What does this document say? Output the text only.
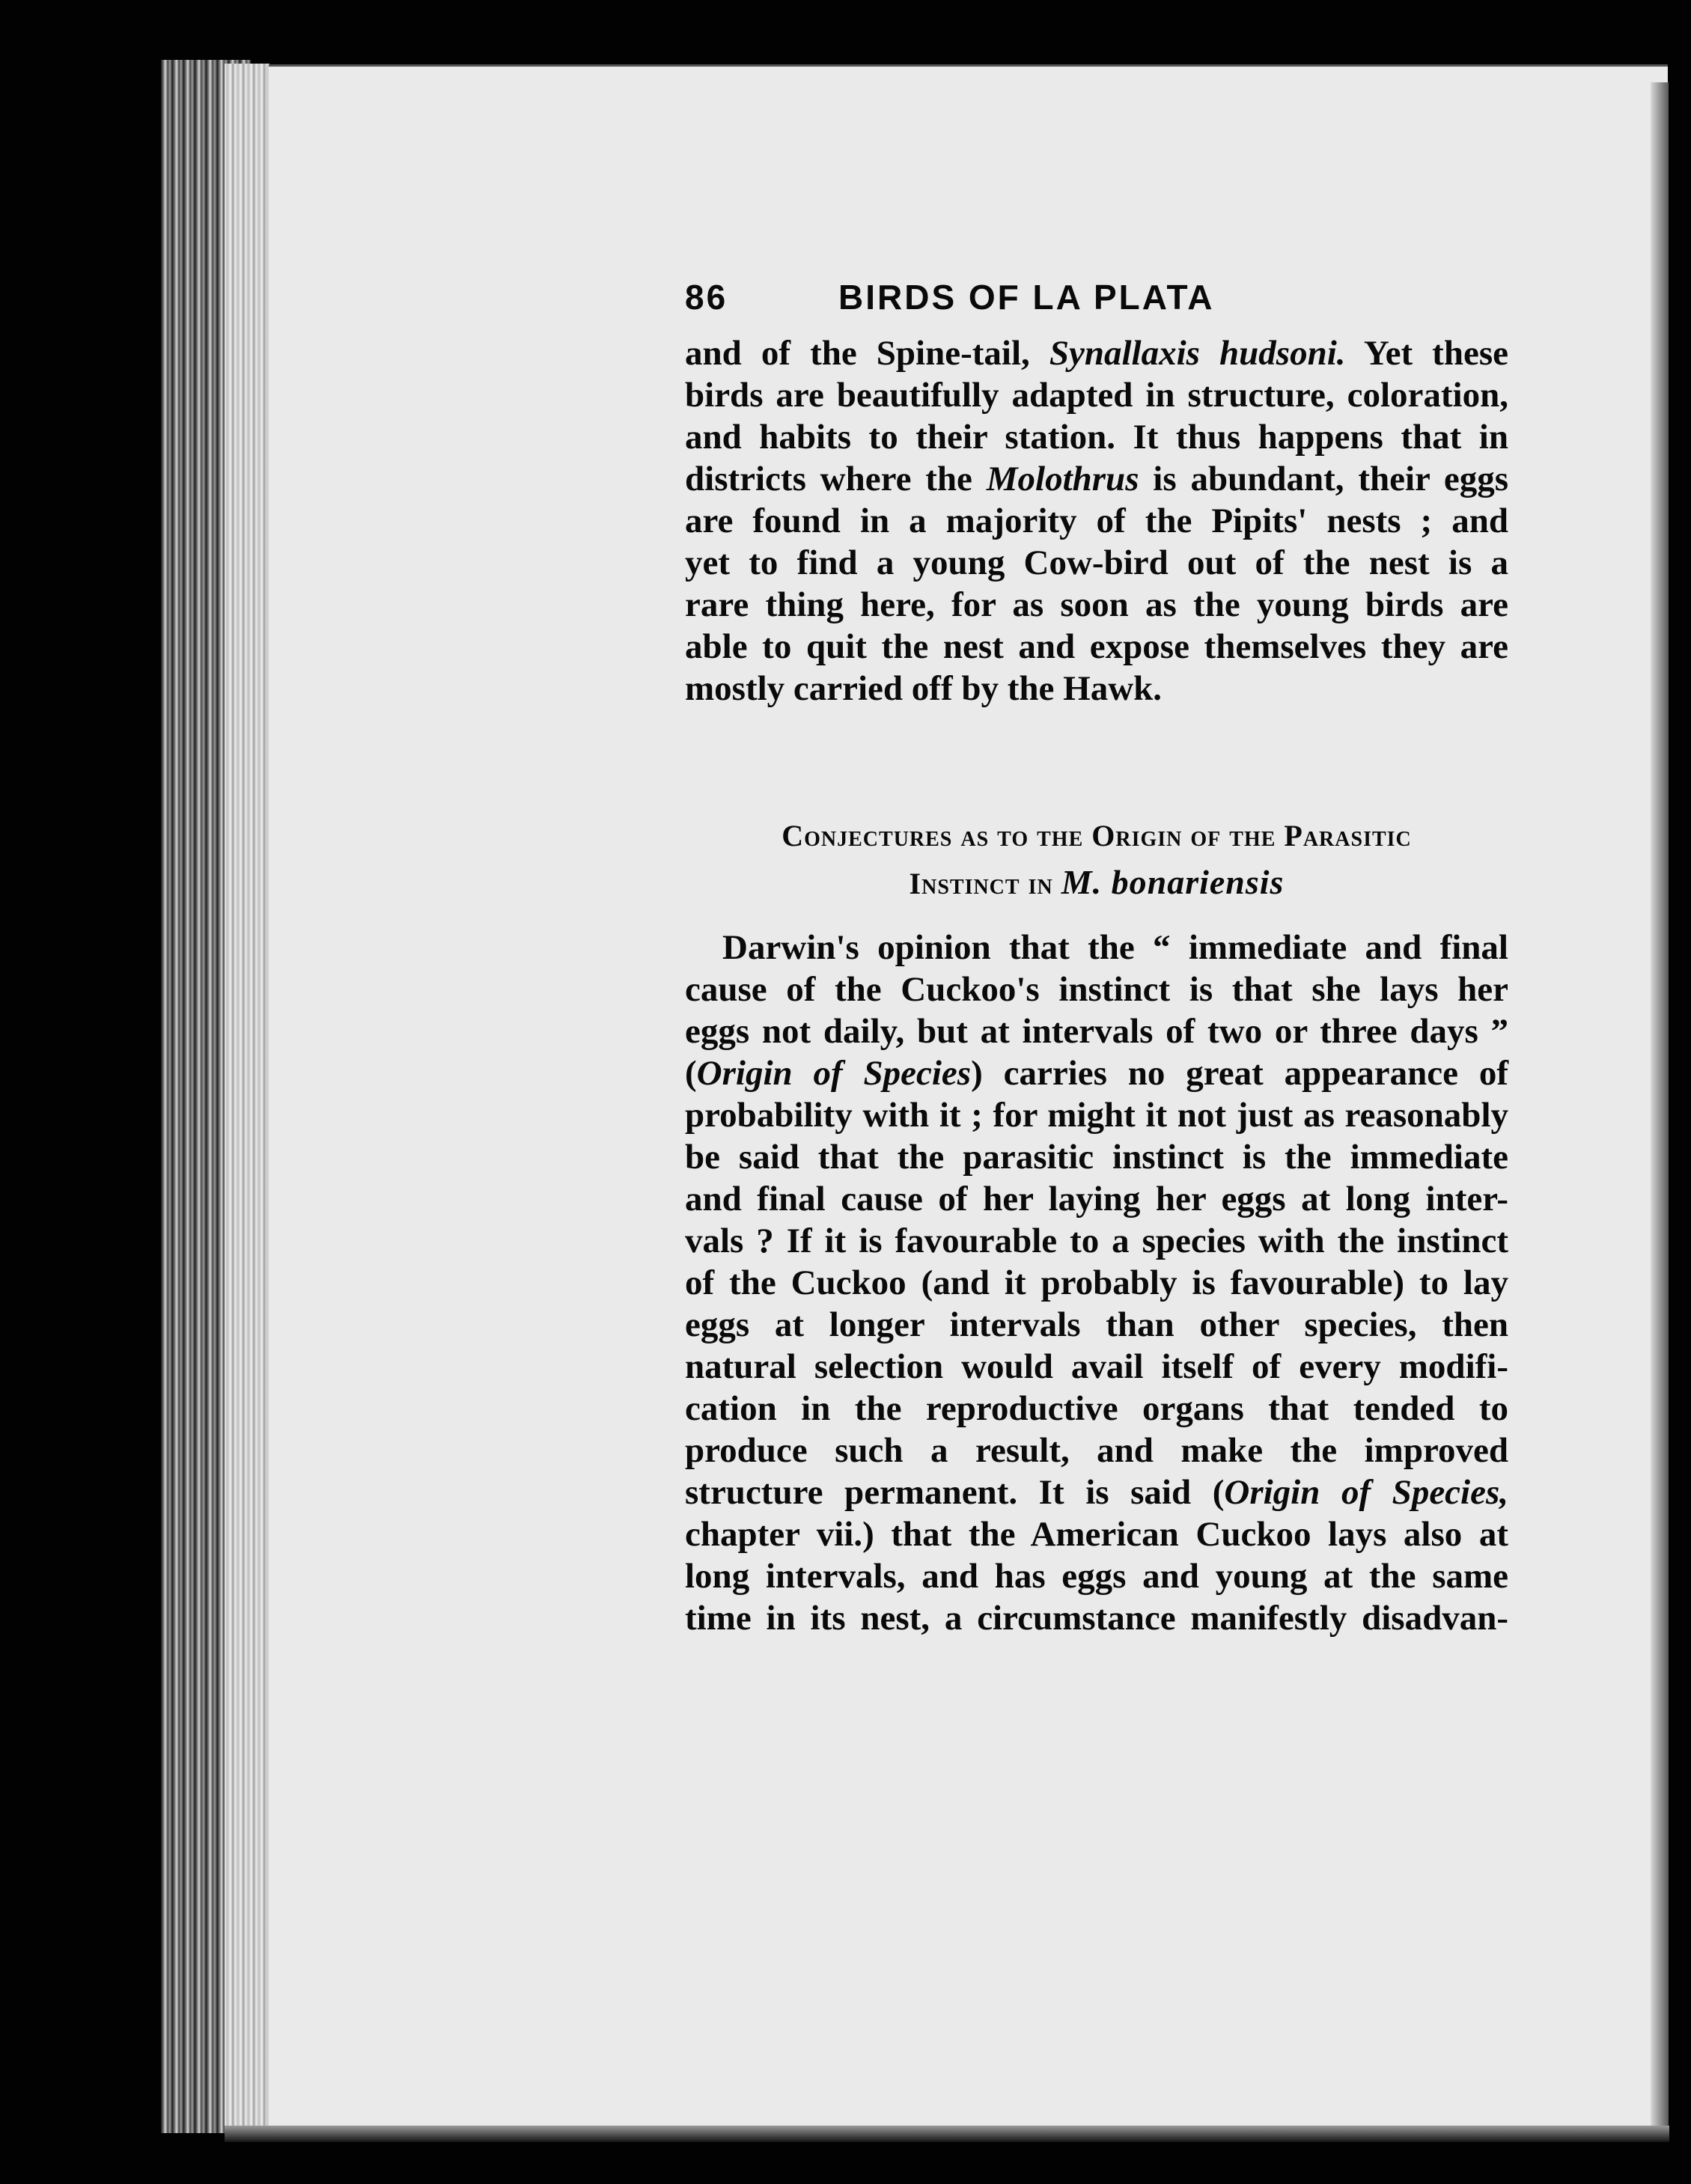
86	BIRDS OF LA PLATA

and of the Spine-tail, Synallaxis hudsoni. Yet these
birds are beautifully adapted in structure, coloration,
and habits to their station. It thus happens that in
districts where the Molothrus is abundant, their eggs
are found in a majority of the Pipits' nests ; and
yet to find a young Cow-bird out of the nest is a
rare thing here, for as soon as the young birds are
able to quit the nest and expose themselves they are
mostly carried off by the Hawk.

Conjectures as to the Origin of the Parasitic
Instinct in M. bonariensis

Darwin's opinion that the “ immediate and final
cause of the Cuckoo's instinct is that she lays her
eggs not daily, but at intervals of two or three days ”
(Origin of Species) carries no great appearance of
probability with it ; for might it not just as reasonably
be said that the parasitic instinct is the immediate
and final cause of her laying her eggs at long inter-
vals ? If it is favourable to a species with the instinct
of the Cuckoo (and it probably is favourable) to lay
eggs at longer intervals than other species, then
natural selection would avail itself of every modifi-
cation in the reproductive organs that tended to
produce such a result, and make the improved
structure permanent. It is said (Origin of Species,
chapter vii.) that the American Cuckoo lays also at
long intervals, and has eggs and young at the same
time in its nest, a circumstance manifestly disadvan-
